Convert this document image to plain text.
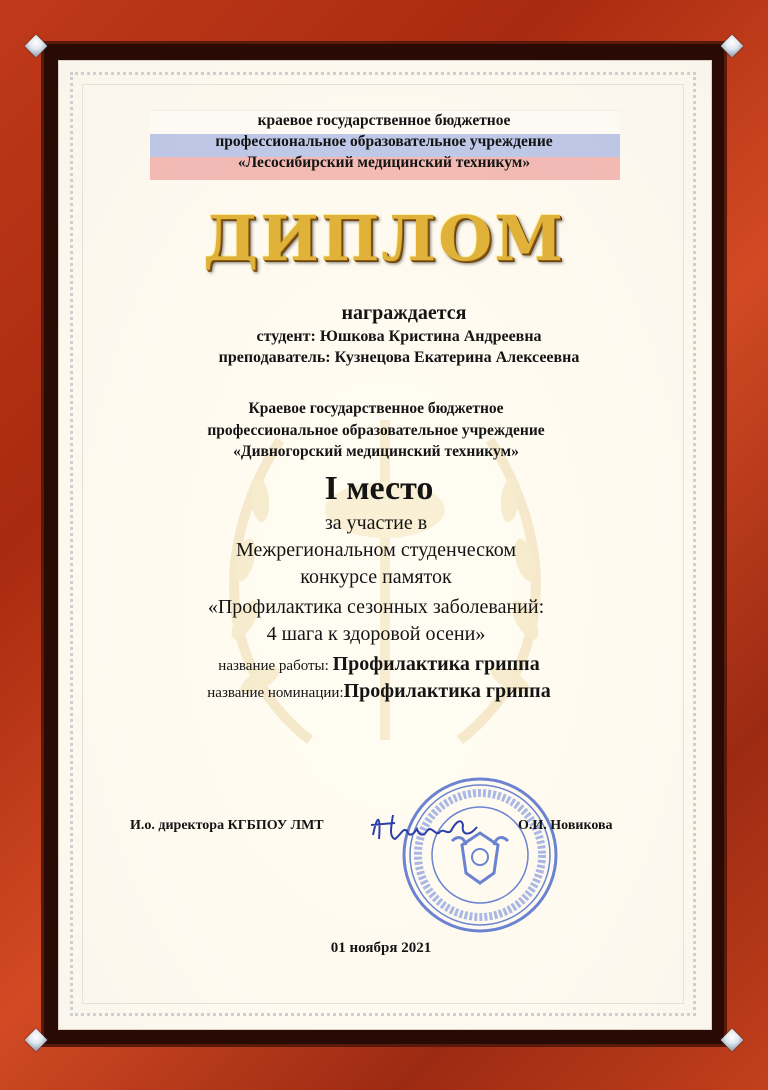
краевое государственное бюджетное
профессиональное образовательное учреждение
«Лесосибирский медицинский техникум»
ДИПЛОМ
награждается
студент: Юшкова Кристина Андреевна
преподаватель: Кузнецова Екатерина Алексеевна
Краевое государственное бюджетное
профессиональное образовательное учреждение
«Дивногорский медицинский техникум»
I место
за участие в
Межрегиональном студенческом
конкурсе памяток
«Профилактика сезонных заболеваний:
4 шага к здоровой осени»
название работы: Профилактика гриппа
название номинации:Профилактика гриппа
И.о. директора КГБПОУ ЛМТ	О.И. Новикова
01 ноября 2021
